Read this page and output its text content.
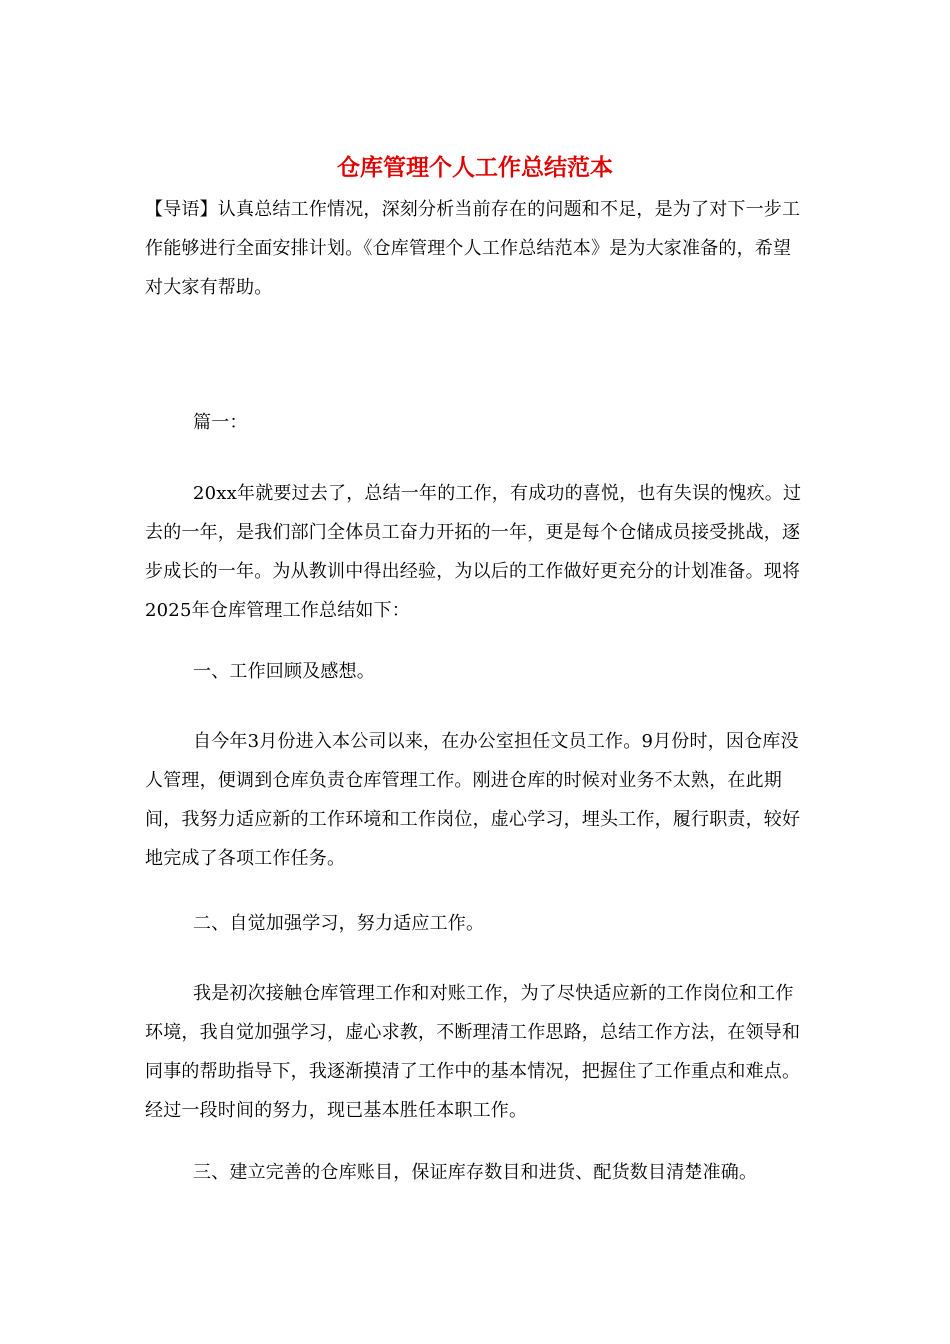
仓库管理个人工作总结范本

【导语】认真总结工作情况，深刻分析当前存在的问题和不足，是为了对下一步工作能够进行全面安排计划。《仓库管理个人工作总结范本》是为大家准备的，希望对大家有帮助。

篇一：

20xx年就要过去了，总结一年的工作，有成功的喜悦，也有失误的愧疚。过去的一年，是我们部门全体员工奋力开拓的一年，更是每个仓储成员接受挑战，逐步成长的一年。为从教训中得出经验，为以后的工作做好更充分的计划准备。现将2025年仓库管理工作总结如下：

一、工作回顾及感想。

自今年3月份进入本公司以来，在办公室担任文员工作。9月份时，因仓库没人管理，便调到仓库负责仓库管理工作。刚进仓库的时候对业务不太熟，在此期间，我努力适应新的工作环境和工作岗位，虚心学习，埋头工作，履行职责，较好地完成了各项工作任务。

二、自觉加强学习，努力适应工作。

我是初次接触仓库管理工作和对账工作，为了尽快适应新的工作岗位和工作环境，我自觉加强学习，虚心求教，不断理清工作思路，总结工作方法，在领导和同事的帮助指导下，我逐渐摸清了工作中的基本情况，把握住了工作重点和难点。经过一段时间的努力，现已基本胜任本职工作。

三、建立完善的仓库账目，保证库存数目和进货、配货数目清楚准确。
